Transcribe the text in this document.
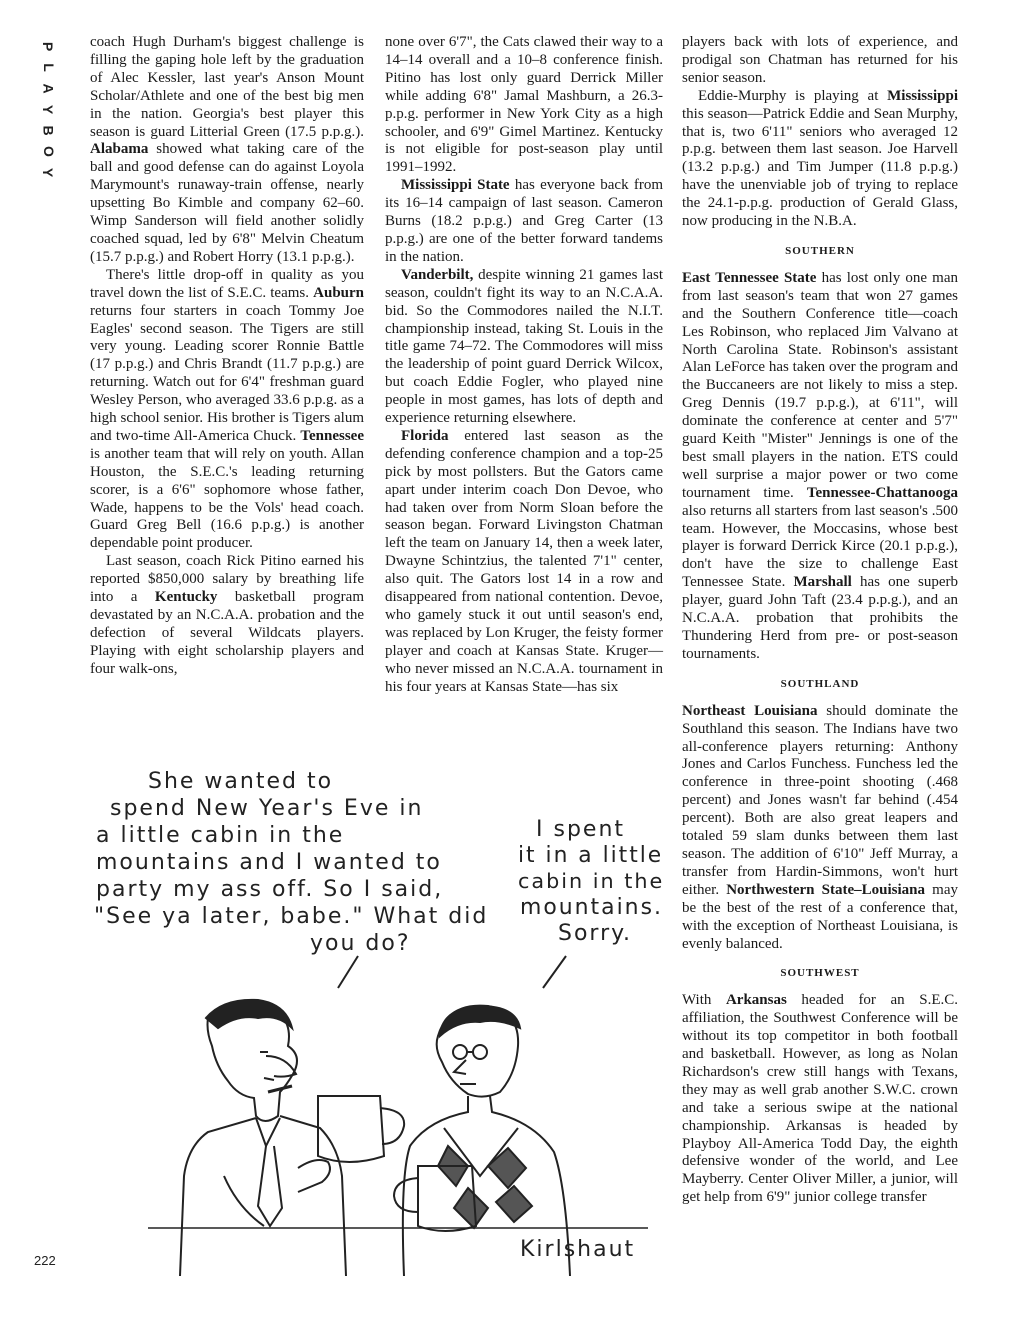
P
L
A
Y
B
O
Y

coach Hugh Durham's biggest challenge is filling the gaping hole left by the graduation of Alec Kessler, last year's Anson Mount Scholar/Athlete and one of the best big men in the nation. Georgia's best player this season is guard Litterial Green (17.5 p.p.g.). Alabama showed what taking care of the ball and good defense can do against Loyola Marymount's runaway-train offense, nearly upsetting Bo Kimble and company 62–60. Wimp Sanderson will field another solidly coached squad, led by 6'8" Melvin Cheatum (15.7 p.p.g.) and Robert Horry (13.1 p.p.g.).

There's little drop-off in quality as you travel down the list of S.E.C. teams. Auburn returns four starters in coach Tommy Joe Eagles' second season. The Tigers are still very young. Leading scorer Ronnie Battle (17 p.p.g.) and Chris Brandt (11.7 p.p.g.) are returning. Watch out for 6'4" freshman guard Wesley Person, who averaged 33.6 p.p.g. as a high school senior. His brother is Tigers alum and two-time All-America Chuck. Tennessee is another team that will rely on youth. Allan Houston, the S.E.C.'s leading returning scorer, is a 6'6" sophomore whose father, Wade, happens to be the Vols' head coach. Guard Greg Bell (16.6 p.p.g.) is another dependable point producer.

Last season, coach Rick Pitino earned his reported $850,000 salary by breathing life into a Kentucky basketball program devastated by an N.C.A.A. probation and the defection of several Wildcats players. Playing with eight scholarship players and four walk-ons,

none over 6'7", the Cats clawed their way to a 14–14 overall and a 10–8 conference finish. Pitino has lost only guard Derrick Miller while adding 6'8" Jamal Mashburn, a 26.3-p.p.g. performer in New York City as a high schooler, and 6'9" Gimel Martinez. Kentucky is not eligible for post-season play until 1991–1992.

Mississippi State has everyone back from its 16–14 campaign of last season. Cameron Burns (18.2 p.p.g.) and Greg Carter (13 p.p.g.) are one of the better forward tandems in the nation.

Vanderbilt, despite winning 21 games last season, couldn't fight its way to an N.C.A.A. bid. So the Commodores nailed the N.I.T. championship instead, taking St. Louis in the title game 74–72. The Commodores will miss the leadership of point guard Derrick Wilcox, but coach Eddie Fogler, who played nine people in most games, has lots of depth and experience returning elsewhere.

Florida entered last season as the defending conference champion and a top-25 pick by most pollsters. But the Gators came apart under interim coach Don Devoe, who had taken over from Norm Sloan before the season began. Forward Livingston Chatman left the team on January 14, then a week later, Dwayne Schintzius, the talented 7'1" center, also quit. The Gators lost 14 in a row and disappeared from national contention. Devoe, who gamely stuck it out until season's end, was replaced by Lon Kruger, the feisty former player and coach at Kansas State. Kruger—who never missed an N.C.A.A. tournament in his four years at Kansas State—has six

players back with lots of experience, and prodigal son Chatman has returned for his senior season.

Eddie-Murphy is playing at Mississippi this season—Patrick Eddie and Sean Murphy, that is, two 6'11" seniors who averaged 12 p.p.g. between them last season. Joe Harvell (13.2 p.p.g.) and Tim Jumper (11.8 p.p.g.) have the unenviable job of trying to replace the 24.1-p.p.g. production of Gerald Glass, now producing in the N.B.A.

SOUTHERN

East Tennessee State has lost only one man from last season's team that won 27 games and the Southern Conference title—coach Les Robinson, who replaced Jim Valvano at North Carolina State. Robinson's assistant Alan LeForce has taken over the program and the Buccaneers are not likely to miss a step. Greg Dennis (19.7 p.p.g.), at 6'11", will dominate the conference at center and 5'7" guard Keith "Mister" Jennings is one of the best small players in the nation. ETS could well surprise a major power or two come tournament time. Tennessee-Chattanooga also returns all starters from last season's .500 team. However, the Moccasins, whose best player is forward Derrick Kirce (20.1 p.p.g.), don't have the size to challenge East Tennessee State. Marshall has one superb player, guard John Taft (23.4 p.p.g.), and an N.C.A.A. probation that prohibits the Thundering Herd from pre- or post-season tournaments.

SOUTHLAND

Northeast Louisiana should dominate the Southland this season. The Indians have two all-conference players returning: Anthony Jones and Carlos Funchess. Funchess led the conference in three-point shooting (.468 percent) and Jones wasn't far behind (.454 percent). Both are also great leapers and totaled 59 slam dunks between them last season. The addition of 6'10" Jeff Murray, a transfer from Hardin-Simmons, won't hurt either. Northwestern State–Louisiana may be the best of the rest of a conference that, with the exception of Northeast Louisiana, is evenly balanced.

SOUTHWEST

With Arkansas headed for an S.E.C. affiliation, the Southwest Conference will be without its top competitor in both football and basketball. However, as long as Nolan Richardson's crew still hangs with Texans, they may as well grab another S.W.C. crown and take a serious swipe at the national championship. Arkansas is headed by Playboy All-America Todd Day, the eighth defensive wonder of the world, and Lee Mayberry. Center Oliver Miller, a junior, will get help from 6'9" junior college transfer

She wanted to
spend New Year's Eve in
a little cabin in the
mountains and I wanted to
party my ass off. So I said,
"See ya later, babe." What did
you do?
I spent
it in a little
cabin in the
mountains.
Sorry.
Kirlshaut
222
